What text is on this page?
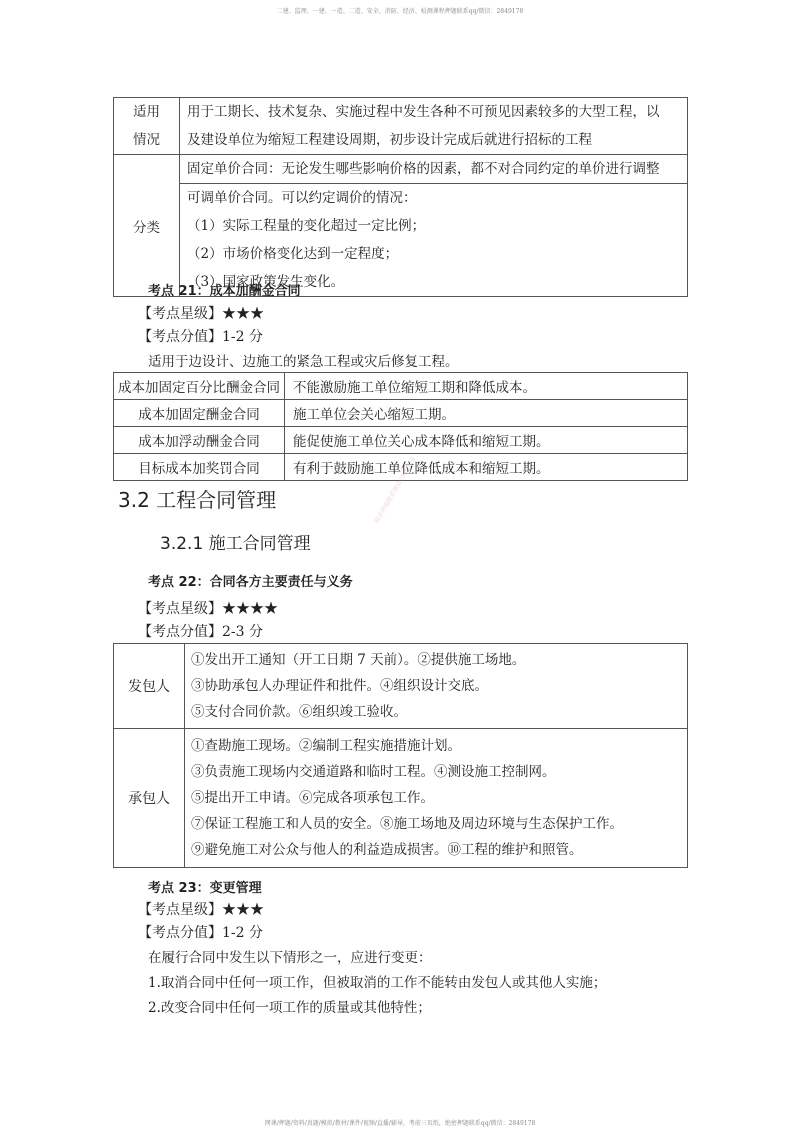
二建、监理、一建、一造、二造、安全、消防、经济、检测课程押题联系qq/微信：2849178
适用
情况	用于工期长、技术复杂、实施过程中发生各种不可预见因素较多的大型工程，以
及建设单位为缩短工程建设周期，初步设计完成后就进行招标的工程

分类	固定单价合同：无论发生哪些影响价格的因素，都不对合同约定的单价进行调整
可调单价合同。可以约定调价的情况：
（1）实际工程量的变化超过一定比例；
（2）市场价格变化达到一定程度；
（3）国家政策发生变化。
考点 21：成本加酬金合同
【考点星级】★★★
【考点分值】1-2 分
适用于边设计、边施工的紧急工程或灾后修复工程。
成本加固定百分比酬金合同	不能激励施工单位缩短工期和降低成本。
成本加固定酬金合同	施工单位会关心缩短工期。
成本加浮动酬金合同	能促使施工单位关心成本降低和缩短工期。
目标成本加奖罚合同	有利于鼓励施工单位降低成本和缩短工期。
3.2 工程合同管理
3.2.1 施工合同管理
考点 22：合同各方主要责任与义务
【考点星级】★★★★
【考点分值】2-3 分
发包人	①发出开工通知（开工日期 7 天前）。②提供施工场地。
③协助承包人办理证件和批件。④组织设计交底。
⑤支付合同价款。⑥组织竣工验收。

承包人	①查勘施工现场。②编制工程实施措施计划。
③负责施工现场内交通道路和临时工程。④测设施工控制网。
⑤提出开工申请。⑥完成各项承包工作。
⑦保证工程施工和人员的安全。⑧施工场地及周边环境与生态保护工作。
⑨避免施工对公众与他人的利益造成损害。⑩工程的维护和照管。
考点 23：变更管理
【考点星级】★★★
【考点分值】1-2 分
在履行合同中发生以下情形之一，应进行变更：
1.取消合同中任何一项工作，但被取消的工作不能转由发包人或其他人实施；
2.改变合同中任何一项工作的质量或其他特性；
联系押题联系微信2849178
网课/押题/资料/真题/模拟/教材/课件/视频/直播/辅导，考前三页纸，绝密押题联系qq/微信：2849178
